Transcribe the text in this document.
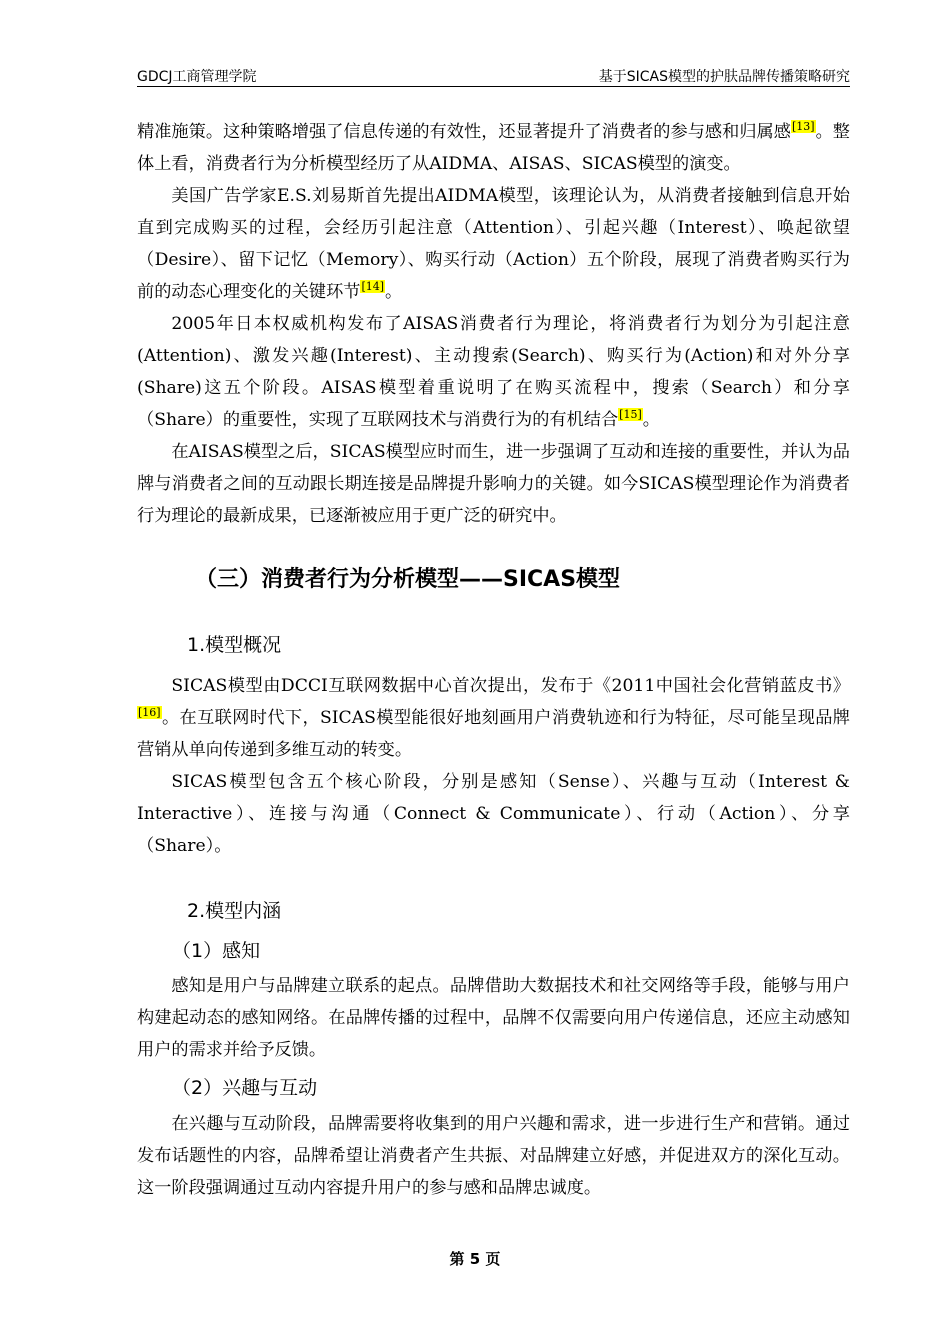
GDCJ工商管理学院	基于SICAS模型的护肤品牌传播策略研究

精准施策。这种策略增强了信息传递的有效性，还显著提升了消费者的参与感和归属感[13]。整体上看，消费者行为分析模型经历了从AIDMA、AISAS、SICAS模型的演变。

美国广告学家E.S.刘易斯首先提出AIDMA模型，该理论认为，从消费者接触到信息开始直到完成购买的过程，会经历引起注意（Attention）、引起兴趣（Interest）、唤起欲望（Desire）、留下记忆（Memory）、购买行动（Action）五个阶段，展现了消费者购买行为前的动态心理变化的关键环节[14]。

2005年日本权威机构发布了AISAS消费者行为理论，将消费者行为划分为引起注意(Attention)、激发兴趣(Interest)、主动搜索(Search)、购买行为(Action)和对外分享(Share)这五个阶段。AISAS模型着重说明了在购买流程中，搜索（Search）和分享（Share）的重要性，实现了互联网技术与消费行为的有机结合[15]。

在AISAS模型之后，SICAS模型应时而生，进一步强调了互动和连接的重要性，并认为品牌与消费者之间的互动跟长期连接是品牌提升影响力的关键。如今SICAS模型理论作为消费者行为理论的最新成果，已逐渐被应用于更广泛的研究中。

（三）消费者行为分析模型——SICAS模型
1.模型概况

SICAS模型由DCCI互联网数据中心首次提出，发布于《2011中国社会化营销蓝皮书》[16]。在互联网时代下，SICAS模型能很好地刻画用户消费轨迹和行为特征，尽可能呈现品牌营销从单向传递到多维互动的转变。

SICAS模型包含五个核心阶段，分别是感知（Sense）、兴趣与互动（Interest & Interactive）、连接与沟通（Connect & Communicate）、行动（Action）、分享（Share）。

2.模型内涵
（1）感知

感知是用户与品牌建立联系的起点。品牌借助大数据技术和社交网络等手段，能够与用户构建起动态的感知网络。在品牌传播的过程中，品牌不仅需要向用户传递信息，还应主动感知用户的需求并给予反馈。

（2）兴趣与互动

在兴趣与互动阶段，品牌需要将收集到的用户兴趣和需求，进一步进行生产和营销。通过发布话题性的内容，品牌希望让消费者产生共振、对品牌建立好感，并促进双方的深化互动。这一阶段强调通过互动内容提升用户的参与感和品牌忠诚度。

第 5 页
